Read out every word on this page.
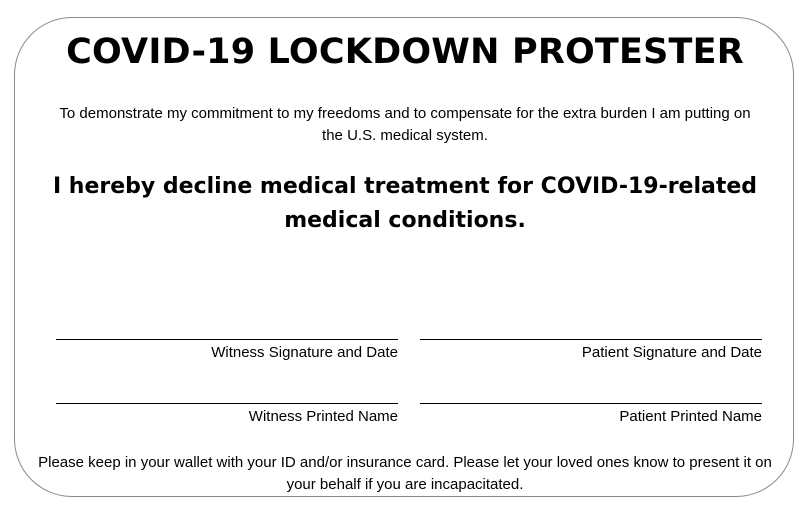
COVID-19 LOCKDOWN PROTESTER
To demonstrate my commitment to my freedoms and to compensate for the extra burden I am putting on the U.S. medical system.
I hereby decline medical treatment for COVID-19-related medical conditions.
Witness Signature and Date	Patient Signature and Date
Witness Printed Name	Patient Printed Name
Please keep in your wallet with your ID and/or insurance card. Please let your loved ones know to present it on your behalf if you are incapacitated.
